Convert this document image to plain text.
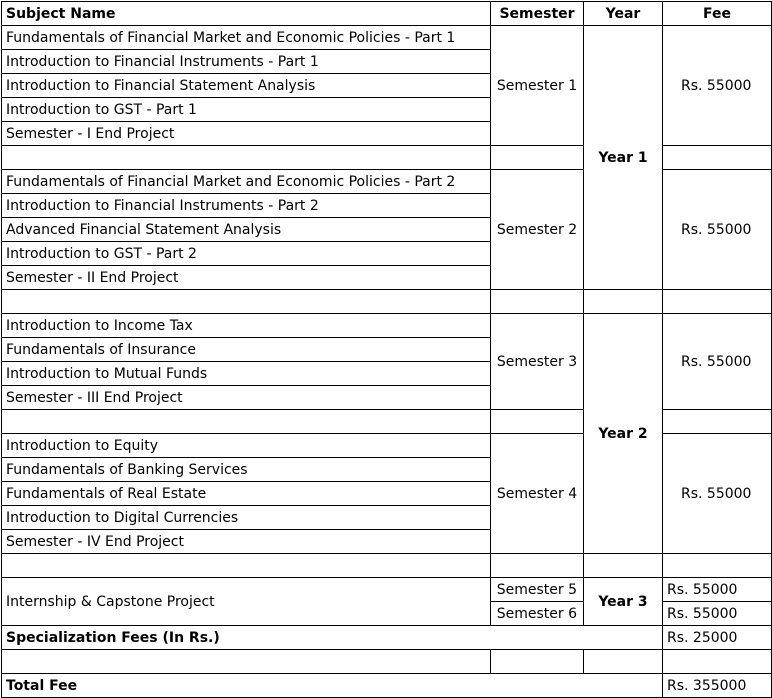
Subject Name	Semester	Year	Fee
Fundamentals of Financial Market and Economic Policies - Part 1	Semester 1	Year 1	Rs. 55000
Introduction to Financial Instruments - Part 1			
Introduction to Financial Statement Analysis			
Introduction to GST - Part 1			
Semester - I End Project			

Fundamentals of Financial Market and Economic Policies - Part 2	Semester 2		Rs. 55000
Introduction to Financial Instruments - Part 2			
Advanced Financial Statement Analysis			
Introduction to GST - Part 2			
Semester - II End Project			

Introduction to Income Tax	Semester 3	Year 2	Rs. 55000
Fundamentals of Insurance			
Introduction to Mutual Funds			
Semester - III End Project			

Introduction to Equity	Semester 4		Rs. 55000
Fundamentals of Banking Services			
Fundamentals of Real Estate			
Introduction to Digital Currencies			
Semester - IV End Project			

Internship & Capstone Project	Semester 5	Year 3	Rs. 55000
	Semester 6		Rs. 55000
Specialization Fees (In Rs.)			Rs. 25000

Total Fee			Rs. 355000
